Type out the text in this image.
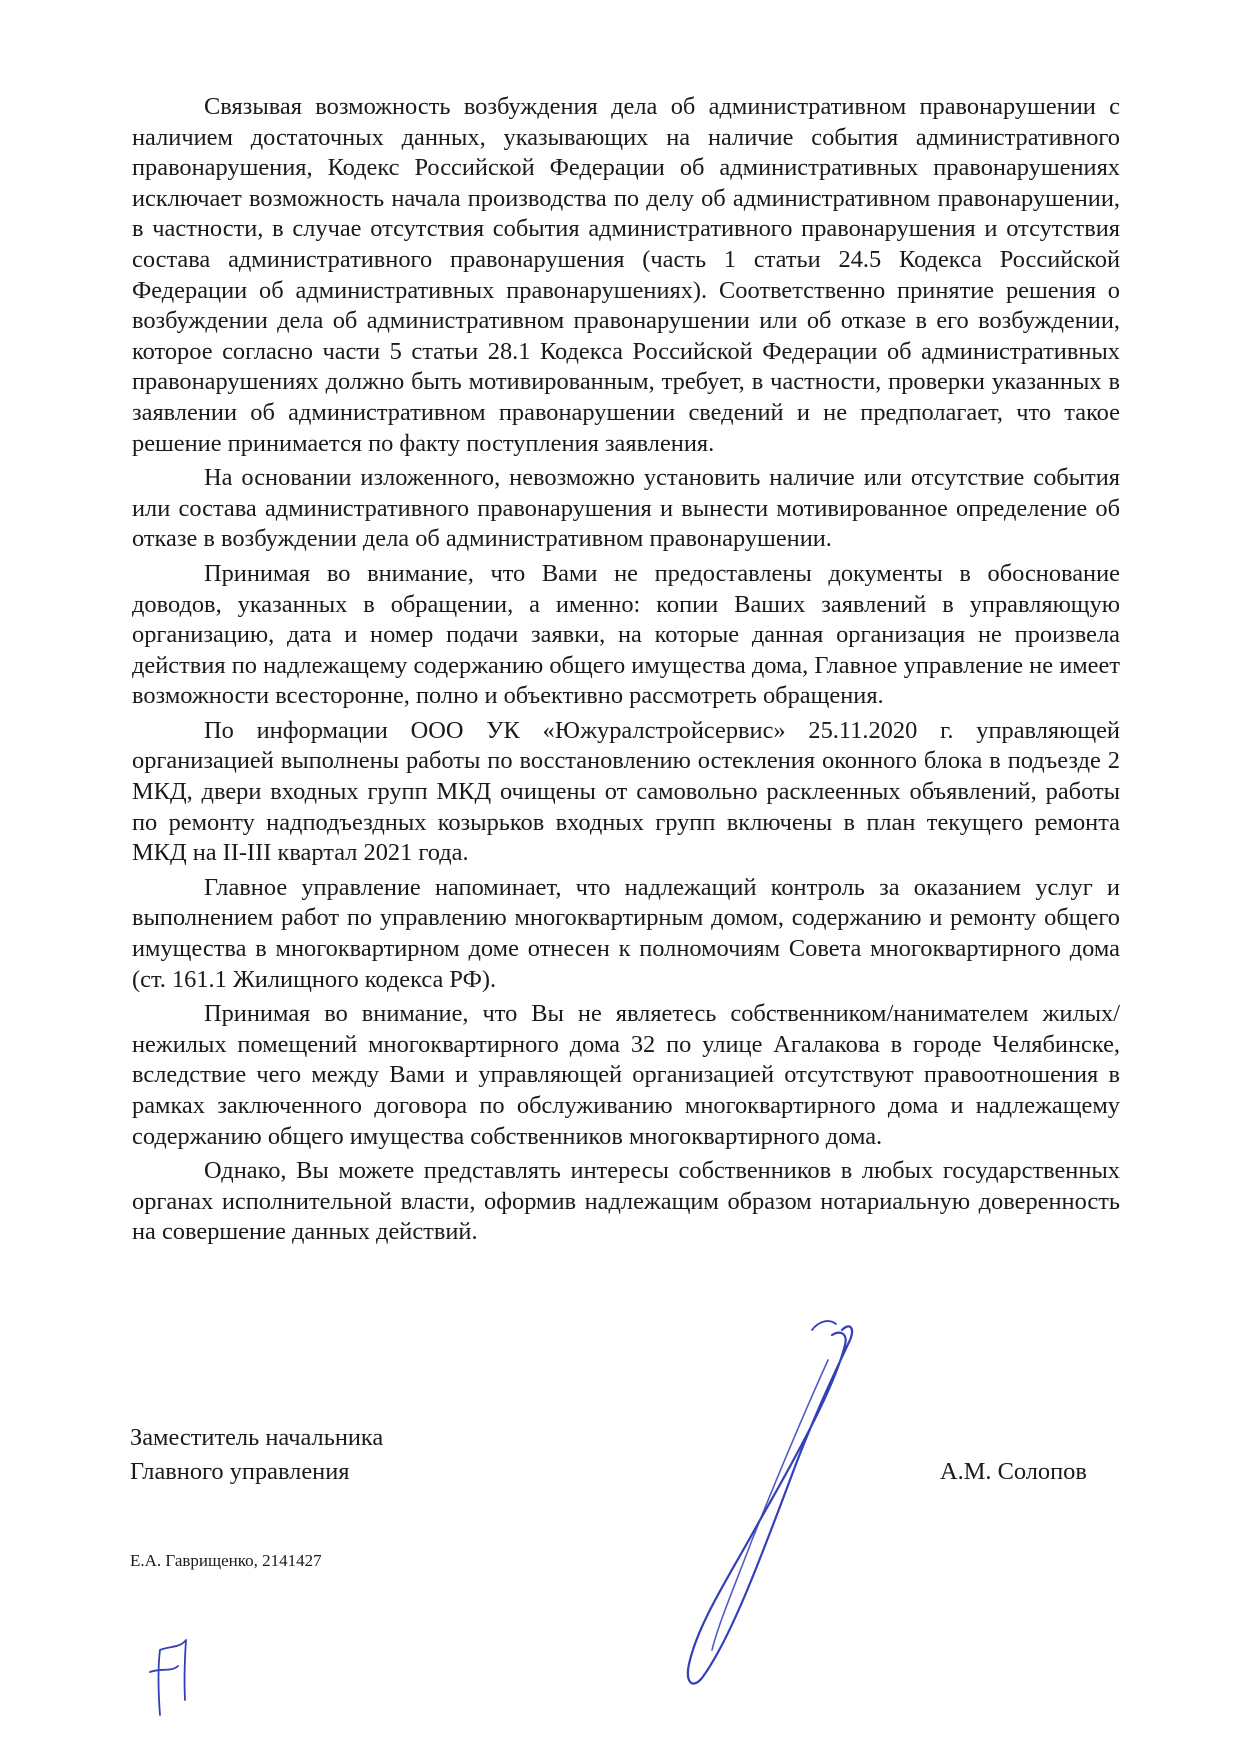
Связывая возможность возбуждения дела об административном правонарушении с наличием достаточных данных, указывающих на наличие события административного правонарушения, Кодекс Российской Федерации об административных правонарушениях исключает возможность начала производства по делу об административном правонарушении, в частности, в случае отсутствия события административного правонарушения и отсутствия состава административного правонарушения (часть 1 статьи 24.5 Кодекса Российской Федерации об административных правонарушениях). Соответственно принятие решения о возбуждении дела об административном правонарушении или об отказе в его возбуждении, которое согласно части 5 статьи 28.1 Кодекса Российской Федерации об административных правонарушениях должно быть мотивированным, требует, в частности, проверки указанных в заявлении об административном правонарушении сведений и не предполагает, что такое решение принимается по факту поступления заявления.

На основании изложенного, невозможно установить наличие или отсутствие события или состава административного правонарушения и вынести мотивированное определение об отказе в возбуждении дела об административном правонарушении.

Принимая во внимание, что Вами не предоставлены документы в обоснование доводов, указанных в обращении, а именно: копии Ваших заявлений в управляющую организацию, дата и номер подачи заявки, на которые данная организация не произвела действия по надлежащему содержанию общего имущества дома, Главное управление не имеет возможности всесторонне, полно и объективно рассмотреть обращения.

По информации ООО УК «Южуралстройсервис» 25.11.2020 г. управляющей организацией выполнены работы по восстановлению остекления оконного блока в подъезде 2 МКД, двери входных групп МКД очищены от самовольно расклеенных объявлений, работы по ремонту надподъездных козырьков входных групп включены в план текущего ремонта МКД на II-III квартал 2021 года.

Главное управление напоминает, что надлежащий контроль за оказанием услуг и выполнением работ по управлению многоквартирным домом, содержанию и ремонту общего имущества в многоквартирном доме отнесен к полномочиям Совета многоквартирного дома (ст. 161.1 Жилищного кодекса РФ).

Принимая во внимание, что Вы не являетесь собственником/нанимателем жилых/нежилых помещений многоквартирного дома 32 по улице Агалакова в городе Челябинске, вследствие чего между Вами и управляющей организацией отсутствуют правоотношения в рамках заключенного договора по обслуживанию многоквартирного дома и надлежащему содержанию общего имущества собственников многоквартирного дома.

Однако, Вы можете представлять интересы собственников в любых государственных органах исполнительной власти, оформив надлежащим образом нотариальную доверенность на совершение данных действий.

Заместитель начальника
Главного управления	А.М. Солопов
Е.А. Гаврищенко, 2141427
